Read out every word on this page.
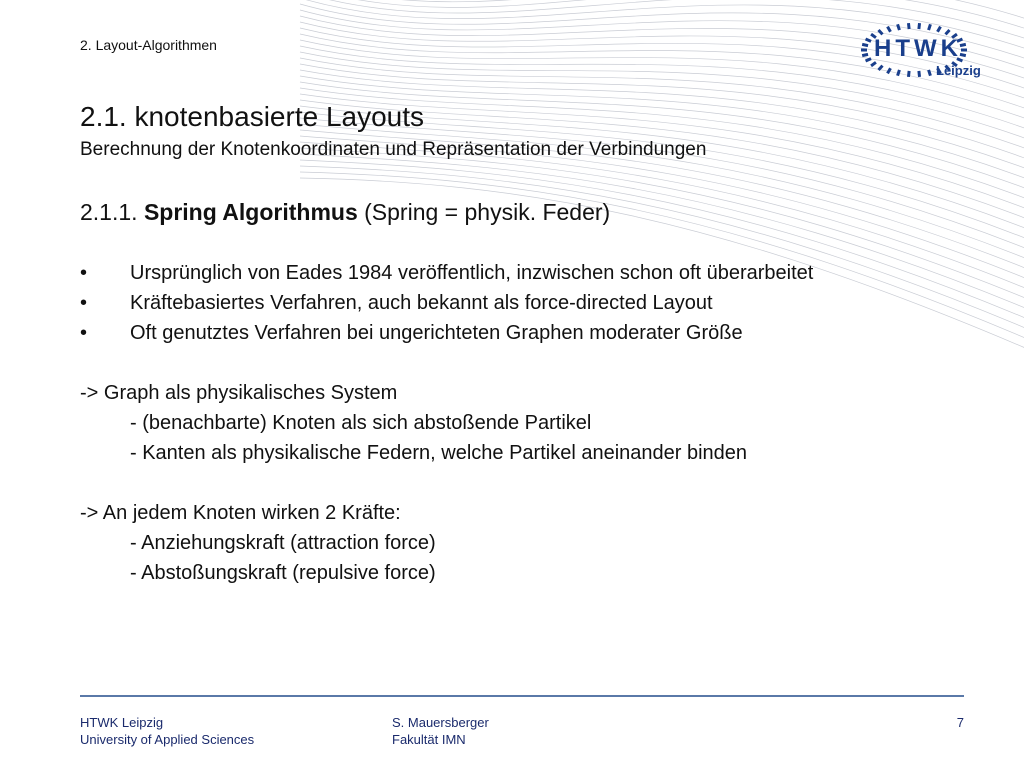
2. Layout-Algorithmen	HTWK
Leipzig
2.1. knotenbasierte Layouts
Berechnung der Knotenkoordinaten und Repräsentation der Verbindungen
2.1.1. Spring Algorithmus (Spring = physik. Feder)
• Ursprünglich von Eades 1984 veröffentlich, inzwischen schon oft überarbeitet
• Kräftebasiertes Verfahren, auch bekannt als force-directed Layout
• Oft genutztes Verfahren bei ungerichteten Graphen moderater Größe
-> Graph als physikalisches System
- (benachbarte) Knoten als sich abstoßende Partikel
- Kanten als physikalische Federn, welche Partikel aneinander binden
-> An jedem Knoten wirken 2 Kräfte:
- Anziehungskraft (attraction force)
- Abstoßungskraft (repulsive force)
HTWK Leipzig
University of Applied Sciences
S. Mauersberger
Fakultät IMN
7
